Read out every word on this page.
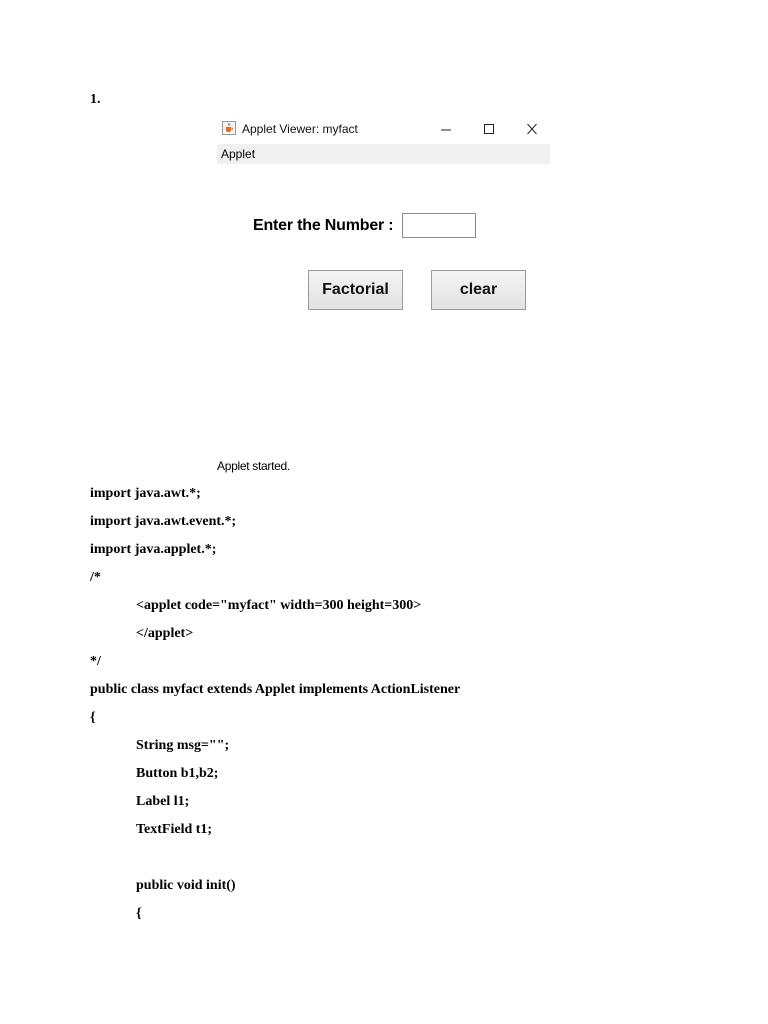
1.
Applet Viewer: myfact
Applet
Enter the Number :
Factorial	clear
Applet started.
import java.awt.*;
import java.awt.event.*;
import java.applet.*;
/*
<applet code="myfact" width=300 height=300>
</applet>
*/
public class myfact extends Applet implements ActionListener
{
String msg="";
Button b1,b2;
Label l1;
TextField t1;
public void init()
{
